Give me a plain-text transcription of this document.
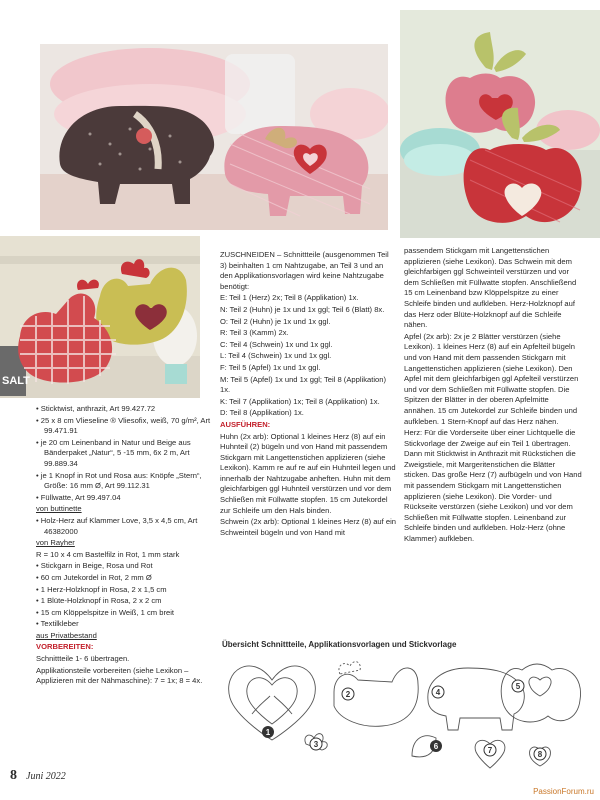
SALT

• Sticktwist, anthrazit, Art 99.427.72

• 25 x 8 cm Vlieseline ® Vliesofix, weiß, 70 g/m², Art 99.471.91

• je 20 cm Leinenband in Natur und Beige aus Bänderpaket „Natur“, 5 -15 mm, 6x 2 m, Art 99.889.34

• je 1 Knopf in Rot und Rosa aus: Knöpfe „Stern“, Größe: 16 mm Ø, Art 99.112.31

• Füllwatte, Art 99.497.04

von buttinette

• Holz-Herz auf Klammer Love, 3,5 x 4,5 cm, Art 46382000

von Rayher

R = 10 x 4 cm Bastelfilz in Rot, 1 mm stark

• Stickgarn in Beige, Rosa und Rot

• 60 cm Jutekordel in Rot, 2 mm Ø

• 1 Herz-Holzknopf in Rosa, 2 x 1,5 cm

• 1 Blüte-Holzknopf in Rosa, 2 x 2 cm

• 15 cm Klöppelspitze in Weiß, 1 cm breit

• Textilkleber

aus Privatbestand

VORBEREITEN:

Schnittteile 1- 6 übertragen.

Applikationsteile vorbereiten (siehe Lexikon – Applizieren mit der Nähmaschine): 7 = 1x; 8 = 4x.

ZUSCHNEIDEN – Schnittteile (ausgenommen Teil 3) beinhalten 1 cm Nahtzugabe, an Teil 3 und an den Applikationsvorlagen wird keine Nahtzugabe benötigt:

E: Teil 1 (Herz) 2x; Teil 8 (Applikation) 1x.

N: Teil 2 (Huhn) je 1x und 1x ggl; Teil 6 (Blatt) 8x.

O: Teil 2 (Huhn) je 1x und 1x ggl.

R: Teil 3 (Kamm) 2x.

C: Teil 4 (Schwein) 1x und 1x ggl.

L: Teil 4 (Schwein) 1x und 1x ggl.

F: Teil 5 (Apfel) 1x und 1x ggl.

M: Teil 5 (Apfel) 1x und 1x ggl; Teil 8 (Applikation) 1x.

K: Teil 7 (Applikation) 1x; Teil 8 (Applikation) 1x.

D: Teil 8 (Applikation) 1x.

AUSFÜHREN:

Huhn (2x arb): Optional 1 kleines Herz (8) auf ein Huhnteil (2) bügeln und von Hand mit passendem Stickgarn mit Langettenstichen applizieren (siehe Lexikon). Kamm re auf re auf ein Huhnteil legen und innerhalb der Nahtzugabe anheften. Huhn mit dem gleichfarbigen ggl Huhnteil verstürzen und vor dem Schließen mit Füllwatte stopfen. 15 cm Jutekordel zur Schleife um den Hals binden.

Schwein (2x arb): Optional 1 kleines Herz (8) auf ein Schweinteil bügeln und von Hand mit

passendem Stickgarn mit Langettenstichen applizieren (siehe Lexikon). Das Schwein mit dem gleichfarbigen ggl Schweinteil verstürzen und vor dem Schließen mit Füllwatte stopfen. Anschließend 15 cm Leinenband bzw Klöppelspitze zu einer Schleife binden und aufkleben. Herz-Holzknopf auf das Herz oder Blüte-Holzknopf auf die Schleife nähen.

Apfel (2x arb): 2x je 2 Blätter verstürzen (siehe Lexikon). 1 kleines Herz (8) auf ein Apfelteil bügeln und von Hand mit dem passenden Stickgarn mit Langettenstichen applizieren (siehe Lexikon). Den Apfel mit dem gleichfarbigen ggl Apfelteil verstürzen und vor dem Schließen mit Füllwatte stopfen. Die Spitzen der Blätter in der oberen Apfelmitte annähen. 15 cm Jutekordel zur Schleife binden und aufkleben. 1 Stern-Knopf auf das Herz nähen.

Herz: Für die Vorderseite über einer Lichtquelle die Stickvorlage der Zweige auf ein Teil 1 übertragen. Dann mit Sticktwist in Anthrazit mit Rückstichen die Zweigstiele, mit Margeritenstichen die Blätter sticken. Das große Herz (7) aufbügeln und von Hand mit passendem Stickgarn mit Langettenstichen applizieren (siehe Lexikon). Die Vorder- und Rückseite verstürzen (siehe Lexikon) und vor dem Schließen mit Füllwatte stopfen. Leinenband zur Schleife binden und aufkleben. Holz-Herz (ohne Klammer) aufkleben.

Übersicht Schnittteile, Applikationsvorlagen und Stickvorlage
1
2
3
4
5
6	7	8
8 Juni 2022
PassionForum.ru
